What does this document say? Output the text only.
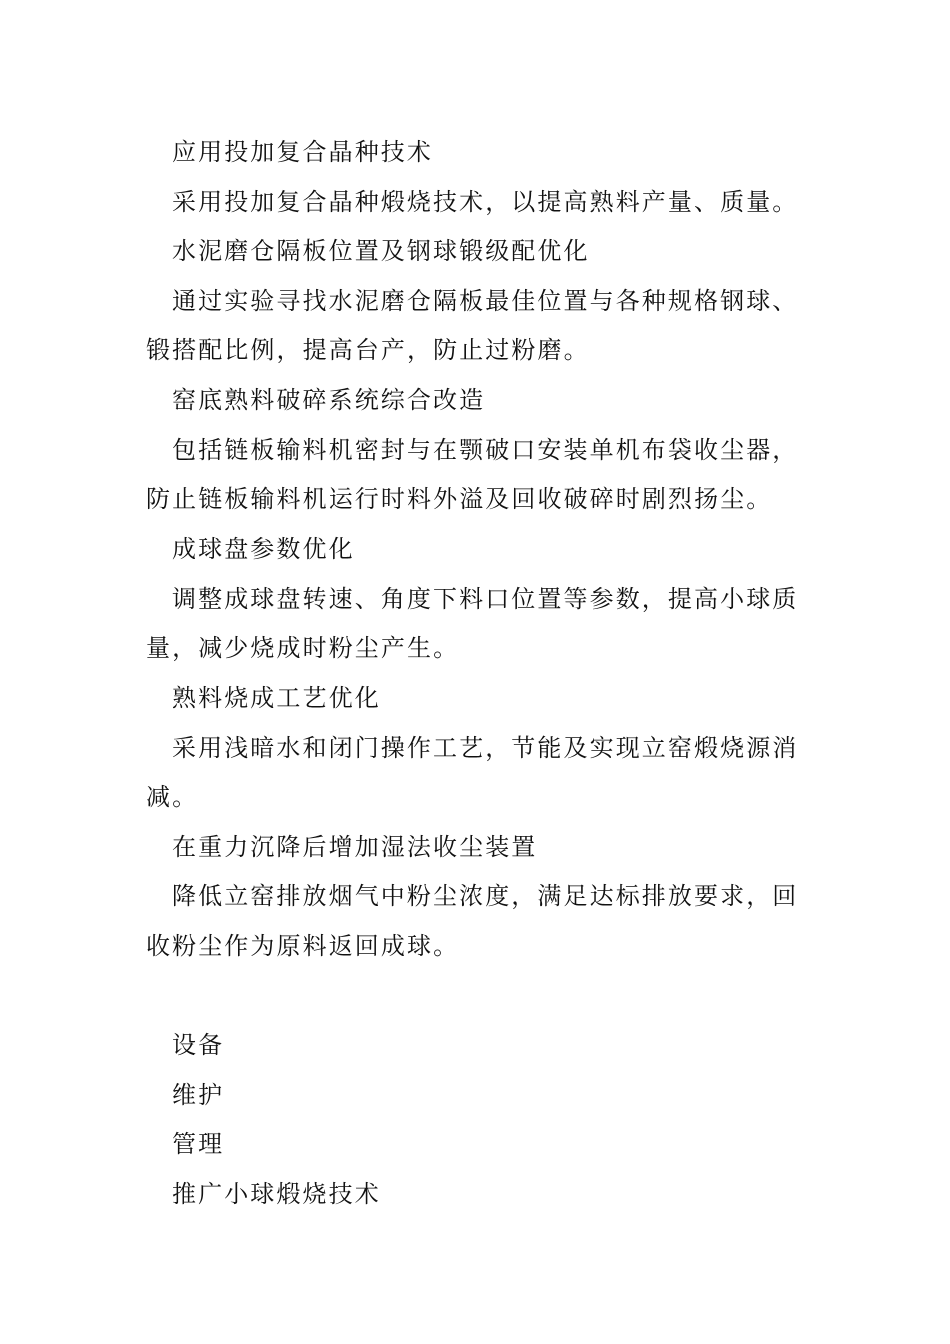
应用投加复合晶种技术
采用投加复合晶种煅烧技术，以提高熟料产量、质量。
水泥磨仓隔板位置及钢球锻级配优化
通过实验寻找水泥磨仓隔板最佳位置与各种规格钢球、
锻搭配比例，提高台产，防止过粉磨。
窑底熟料破碎系统综合改造
包括链板输料机密封与在颚破口安装单机布袋收尘器，
防止链板输料机运行时料外溢及回收破碎时剧烈扬尘。
成球盘参数优化
调整成球盘转速、角度下料口位置等参数，提高小球质
量，减少烧成时粉尘产生。
熟料烧成工艺优化
采用浅暗水和闭门操作工艺，节能及实现立窑煅烧源消
减。
在重力沉降后增加湿法收尘装置
降低立窑排放烟气中粉尘浓度，满足达标排放要求，回
收粉尘作为原料返回成球。
设备
维护
管理
推广小球煅烧技术
